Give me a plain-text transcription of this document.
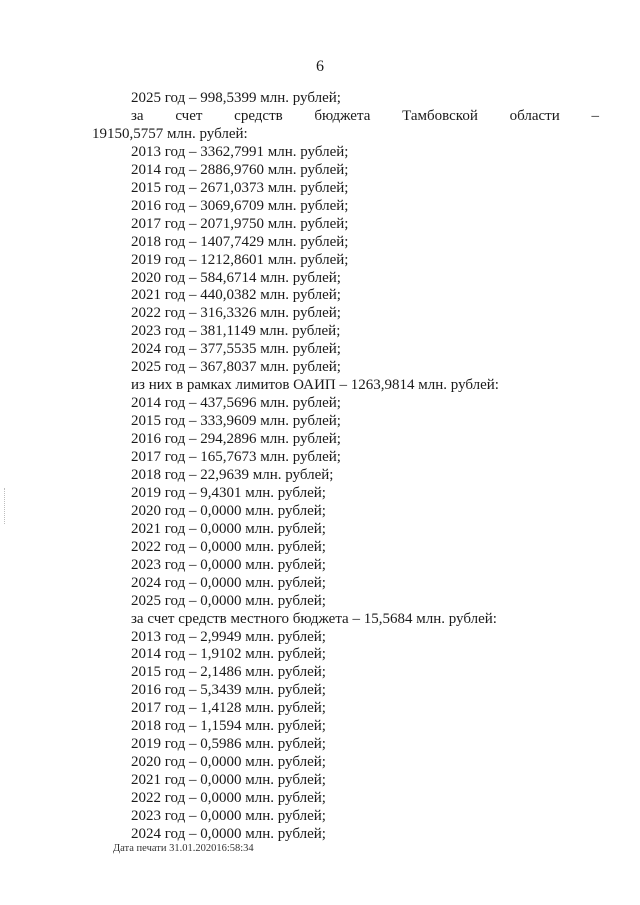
6
2025 год – 998,5399 млн. рублей;
за счет средств бюджета Тамбовской области –
19150,5757 млн. рублей:
2013 год – 3362,7991 млн. рублей;
2014 год – 2886,9760 млн. рублей;
2015 год – 2671,0373 млн. рублей;
2016 год – 3069,6709 млн. рублей;
2017 год – 2071,9750 млн. рублей;
2018 год – 1407,7429 млн. рублей;
2019 год – 1212,8601 млн. рублей;
2020 год – 584,6714 млн. рублей;
2021 год – 440,0382 млн. рублей;
2022 год – 316,3326 млн. рублей;
2023 год – 381,1149 млн. рублей;
2024 год – 377,5535 млн. рублей;
2025 год – 367,8037 млн. рублей;
из них в рамках лимитов ОАИП – 1263,9814 млн. рублей:
2014 год – 437,5696 млн. рублей;
2015 год – 333,9609 млн. рублей;
2016 год – 294,2896 млн. рублей;
2017 год – 165,7673 млн. рублей;
2018 год – 22,9639 млн. рублей;
2019 год – 9,4301 млн. рублей;
2020 год – 0,0000 млн. рублей;
2021 год – 0,0000 млн. рублей;
2022 год – 0,0000 млн. рублей;
2023 год – 0,0000 млн. рублей;
2024 год – 0,0000 млн. рублей;
2025 год – 0,0000 млн. рублей;
за счет средств местного бюджета – 15,5684 млн. рублей:
2013 год – 2,9949 млн. рублей;
2014 год – 1,9102 млн. рублей;
2015 год – 2,1486 млн. рублей;
2016 год – 5,3439 млн. рублей;
2017 год – 1,4128 млн. рублей;
2018 год – 1,1594 млн. рублей;
2019 год – 0,5986 млн. рублей;
2020 год – 0,0000 млн. рублей;
2021 год – 0,0000 млн. рублей;
2022 год – 0,0000 млн. рублей;
2023 год – 0,0000 млн. рублей;
2024 год – 0,0000 млн. рублей;
Дата печати 31.01.202016:58:34
